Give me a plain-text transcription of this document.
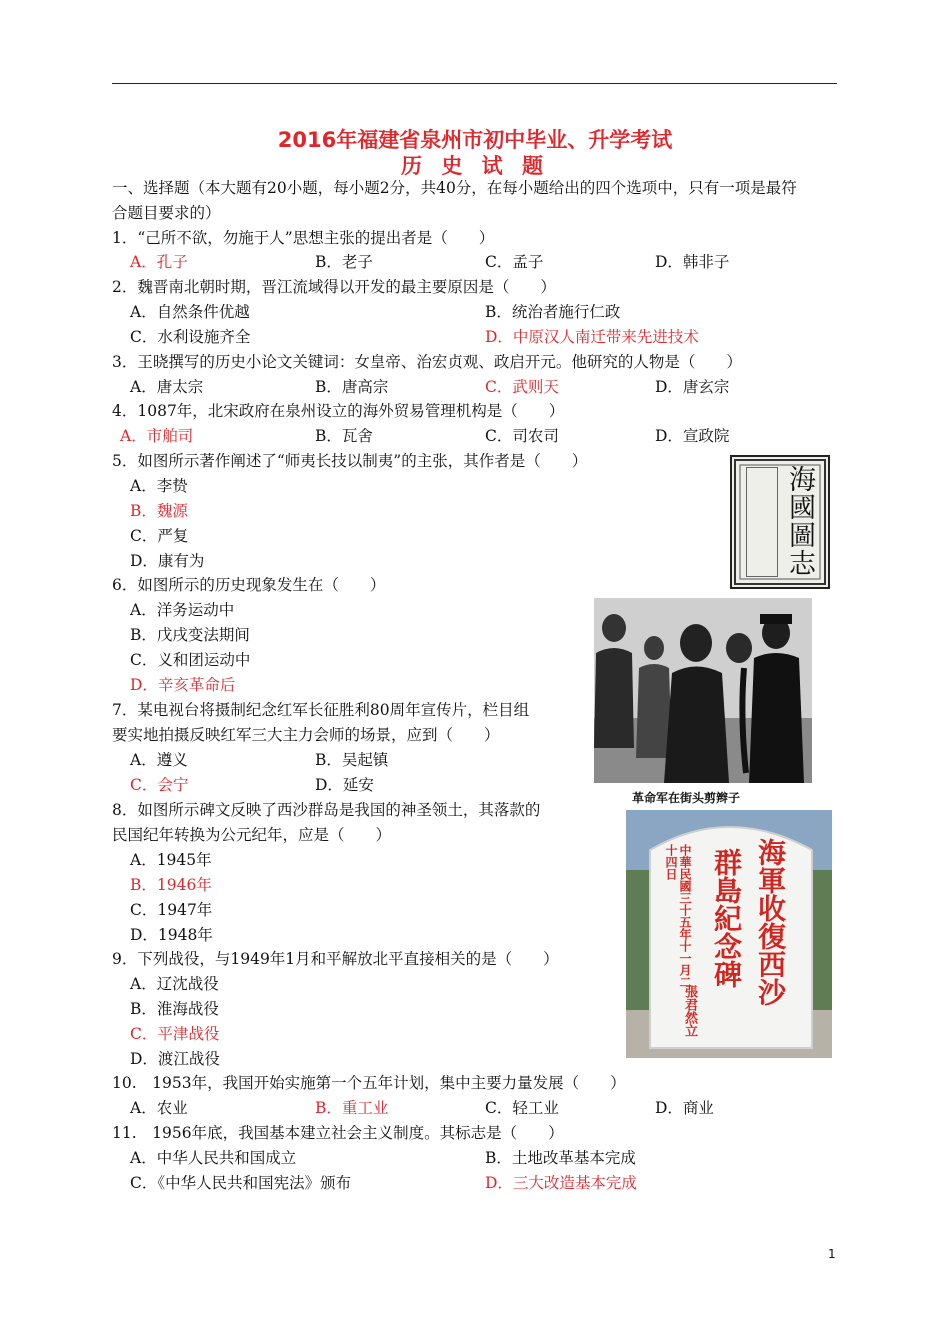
2016年福建省泉州市初中毕业、升学考试
历 史 试 题
一、选择题（本大题有20小题，每小题2分，共40分，在每小题给出的四个选项中，只有一项是最符
合题目要求的）
1．“己所不欲，勿施于人”思想主张的提出者是（　　）
A．孔子	B．老子	C．孟子	D．韩非子
2．魏晋南北朝时期，晋江流域得以开发的最主要原因是（　　）
A．自然条件优越	B．统治者施行仁政
C．水利设施齐全	D．中原汉人南迁带来先进技术
3．王晓撰写的历史小论文关键词：女皇帝、治宏贞观、政启开元。他研究的人物是（　　）
A．唐太宗	B．唐高宗	C．武则天	D．唐玄宗
4．1087年，北宋政府在泉州设立的海外贸易管理机构是（　　）
A．市舶司	B．瓦舍	C．司农司	D．宣政院
5．如图所示著作阐述了“师夷长技以制夷”的主张，其作者是（　　）
A．李贽
B．魏源
C．严复
D．康有为	海國圖志
6．如图所示的历史现象发生在（　　）
A．洋务运动中
B．戊戌变法期间
C．义和团运动中
D．辛亥革命后
革命军在街头剪辫子
7．某电视台将摄制纪念红军长征胜利80周年宣传片，栏目组
要实地拍摄反映红军三大主力会师的场景，应到（　　）
A．遵义	B．吴起镇
C．会宁	D．延安
8．如图所示碑文反映了西沙群岛是我国的神圣领土，其落款的
民国纪年转换为公元纪年，应是（　　）
A．1945年
B．1946年
C．1947年
D．1948年	海軍收復西沙
群島紀念碑
中華民國三十五年十一月二十四日
張君然立
9．下列战役，与1949年1月和平解放北平直接相关的是（　　）
A．辽沈战役
B．淮海战役
C．平津战役
D．渡江战役
10.　1953年，我国开始实施第一个五年计划，集中主要力量发展（　　）
A．农业	B．重工业	C．轻工业	D．商业
11.　1956年底，我国基本建立社会主义制度。其标志是（　　）
A．中华人民共和国成立	B．土地改革基本完成
C．《中华人民共和国宪法》颁布	D．三大改造基本完成
1
